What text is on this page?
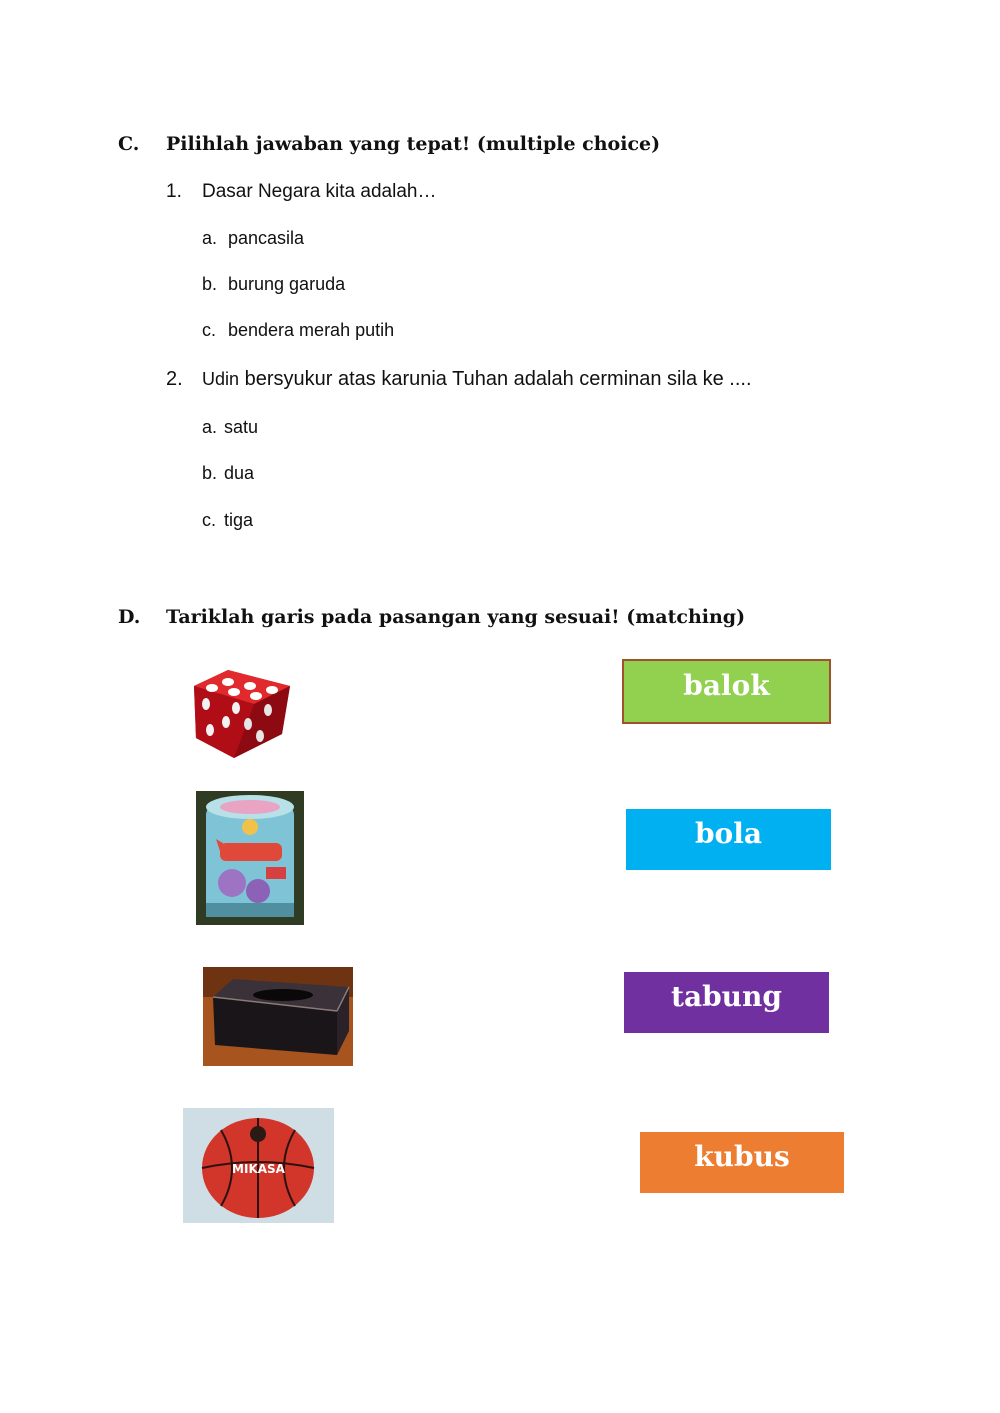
C. Pilihlah jawaban yang tepat! (multiple choice)
1. Dasar Negara kita adalah…
a. pancasila
b. burung garuda
c. bendera merah putih
2. Udin bersyukur atas karunia Tuhan adalah cerminan sila ke ....
a. satu
b. dua
c. tiga
D. Tariklah garis pada pasangan yang sesuai! (matching)
MIKASA
balok
bola
tabung
kubus
